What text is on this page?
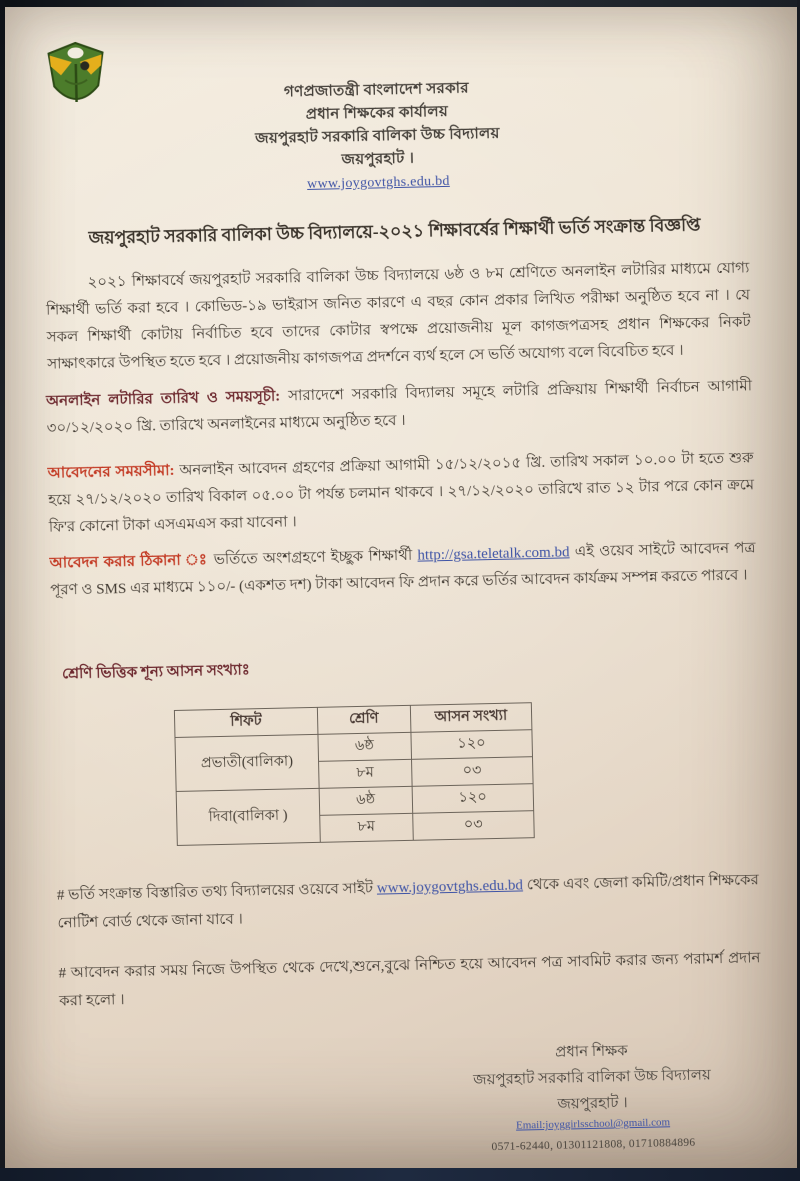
গণপ্রজাতন্ত্রী বাংলাদেশ সরকার
প্রধান শিক্ষকের কার্যালয়
জয়পুরহাট সরকারি বালিকা উচ্চ বিদ্যালয়
জয়পুরহাট ।
www.joygovtghs.edu.bd
জয়পুরহাট সরকারি বালিকা উচ্চ বিদ্যালয়ে-২০২১ শিক্ষাবর্ষের শিক্ষার্থী ভর্তি সংক্রান্ত বিজ্ঞপ্তি

২০২১ শিক্ষাবর্ষে জয়পুরহাট সরকারি বালিকা উচ্চ বিদ্যালয়ে ৬ষ্ঠ ও ৮ম শ্রেণিতে অনলাইন লটারির মাধ্যমে যোগ্য শিক্ষার্থী ভর্তি করা হবে । কোভিড-১৯ ভাইরাস জনিত কারণে এ বছর কোন প্রকার লিখিত পরীক্ষা অনুষ্ঠিত হবে না । যে সকল শিক্ষার্থী কোটায় নির্বাচিত হবে তাদের কোটার স্বপক্ষে প্রয়োজনীয় মূল কাগজপত্রসহ প্রধান শিক্ষকের নিকট সাক্ষাৎকারে উপস্থিত হতে হবে । প্রয়োজনীয় কাগজপত্র প্রদর্শনে ব্যর্থ হলে সে ভর্তি অযোগ্য বলে বিবেচিত হবে ।

অনলাইন লটারির তারিখ ও সময়সূচী: সারাদেশে সরকারি বিদ্যালয় সমূহে লটারি প্রক্রিয়ায় শিক্ষার্থী নির্বাচন আগামী ৩০/১২/২০২০ খ্রি. তারিখে অনলাইনের মাধ্যমে অনুষ্ঠিত হবে ।

আবেদনের সময়সীমা: অনলাইন আবেদন গ্রহণের প্রক্রিয়া আগামী ১৫/১২/২০১৫ খ্রি. তারিখ সকাল ১০.০০ টা হতে শুরু হয়ে ২৭/১২/২০২০ তারিখ বিকাল ০৫.০০ টা পর্যন্ত চলমান থাকবে । ২৭/১২/২০২০ তারিখে রাত ১২ টার পরে কোন ক্রমে ফি'র কোনো টাকা এসএমএস করা যাবেনা ।

আবেদন করার ঠিকানা ঃ ভর্তিতে অংশগ্রহণে ইচ্ছুক শিক্ষার্থী http://gsa.teletalk.com.bd এই ওয়েব সাইটে আবেদন পত্র পূরণ ও SMS এর মাধ্যমে ১১০/- (একশত দশ) টাকা আবেদন ফি প্রদান করে ভর্তির আবেদন কার্যক্রম সম্পন্ন করতে পারবে ।

শ্রেণি ভিত্তিক শূন্য আসন সংখ্যাঃ
শিফট	শ্রেণি	আসন সংখ্যা
প্রভাতী(বালিকা)	৬ষ্ঠ	১২০
	৮ম	০৩
দিবা(বালিকা )	৬ষ্ঠ	১২০
	৮ম	০৩

# ভর্তি সংক্রান্ত বিস্তারিত তথ্য বিদ্যালয়ের ওয়েবে সাইট www.joygovtghs.edu.bd থেকে এবং জেলা কমিটি/প্রধান শিক্ষকের নোটিশ বোর্ড থেকে জানা যাবে ।

# আবেদন করার সময় নিজে উপস্থিত থেকে দেখে,শুনে,বুঝে নিশ্চিত হয়ে আবেদন পত্র সাবমিট করার জন্য পরামর্শ প্রদান করা হলো ।

প্রধান শিক্ষক
জয়পুরহাট সরকারি বালিকা উচ্চ বিদ্যালয়
জয়পুরহাট ।
Email:joyggirlsschool@gmail.com
0571-62440, 01301121808, 01710884896
